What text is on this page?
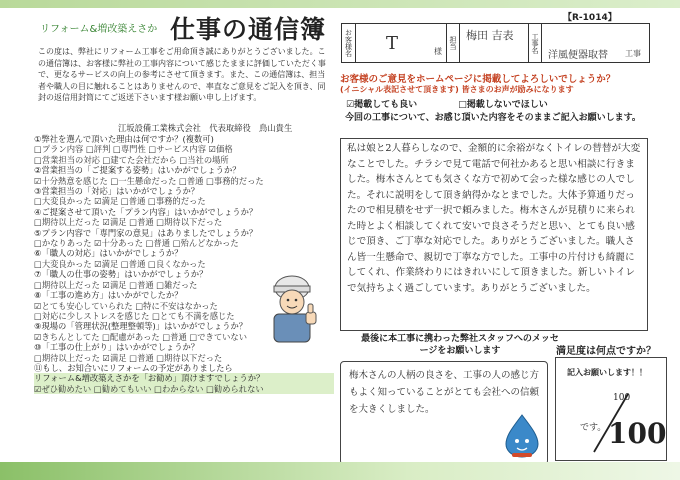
リフォーム&増改築えさか 仕事の通信簿
この度は、弊社にリフォーム工事をご用命頂き誠にありがとうございました。この通信簿は、お客様に弊社の工事内容について感じたままに評価していただく事で、更なるサービスの向上の参考にさせて頂きます。また、この通信簿は、担当者や職人の目に触れることはありませんので、率直なご意見をご記入を頂き、同封の返信用封筒にてご返送下さいます様お願い申し上げます。
江坂設備工業株式会社　代表取締役　鳥山貴生
①弊社を選んで頂いた理由は何ですか？(複数可)
□プラン内容 □評判 □専門性 □サービス内容 ☑価格
□営業担当の対応 □建てた会社だから □当社の場所
②営業担当の「ご提案する姿勢」はいかがでしょうか？
☑十分熱意を感じた □一生懸命だった □普通 □事務的だった
③営業担当の「対応」はいかがでしょうか？
□大変良かった ☑満足 □普通 □事務的だった
④ご提案させて頂いた「プラン内容」はいかがでしょうか？
□期待以上だった ☑満足 □普通 □期待以下だった
⑤プラン内容で「専門家の意見」はありましたでしょうか？
□かなりあった ☑十分あった □普通 □殆んどなかった
⑥「職人の対応」はいかがでしょうか？
□大変良かった ☑満足 □普通 □良くなかった
⑦「職人の仕事の姿勢」はいかがでしょうか？
□期待以上だった ☑満足 □普通 □雑だった
⑧「工事の進め方」はいかがでしたか？
☑とても安心していられた □特に不安はなかった
□対応に少しストレスを感じた □とても不満を感じた
⑨現場の「管理状況(整理整頓等)」はいかがでしょうか？
☑きちんとしてた □配慮があった □普通 □できていない
⑩「工事の仕上がり」はいかがでしょうか？
□期待以上だった ☑満足 □普通 □期待以下だった
⑪もし、お知合いにリフォームの予定がありましたら
リフォーム&増改築えさかを「お勧め」頂けますでしょうか？
☑ぜひ勧めたい □勧めてもいい □わからない □勧められない
【R-1014】
お客様名 T	様
担当
梅田 吉表	工事名
洋風便器取替 工事
お客様のご意見をホームページに掲載してよろしいでしょうか？
(イニシャル表記させて頂きます) 皆さまのお声が励みになります
☑掲載しても良い	□掲載しないでほしい
今回の工事について、お感じ頂いた内容をそのままご記入お願いします。
私は娘と2人暮らしなので、金額的に余裕がなくトイレの替替が大変なことでした。チラシで見て電話で何社かあると思い相談に行きました。梅木さんとても気さくな方で初めて会った様な感じの人でした。それに説明をして頂き納得かなとまでした。大体予算通りだったので相見積をせず一択で頼みました。梅木さんが見積りに来られた時とよく相談してくれて安いで良さそうだと思い、とても良い感じで頂き、ご丁寧な対応でした。ありがとうございました。職人さん皆一生懸命で、親切で丁寧な方でした。工事中の片付けも綺麗にしてくれ、作業終わりにはきれいにして頂きました。新しいトイレで気持ちよく過ごしています。ありがとうございました。
最後に本工事に携わった弊社スタッフへのメッセージをお願いします
梅木さんの人柄の良さを、工事の人の感じ方もよく知っていることがとても会社への信頼を大きくしました。
満足度は何点ですか？
記入お願いします！！
100
です。 100
